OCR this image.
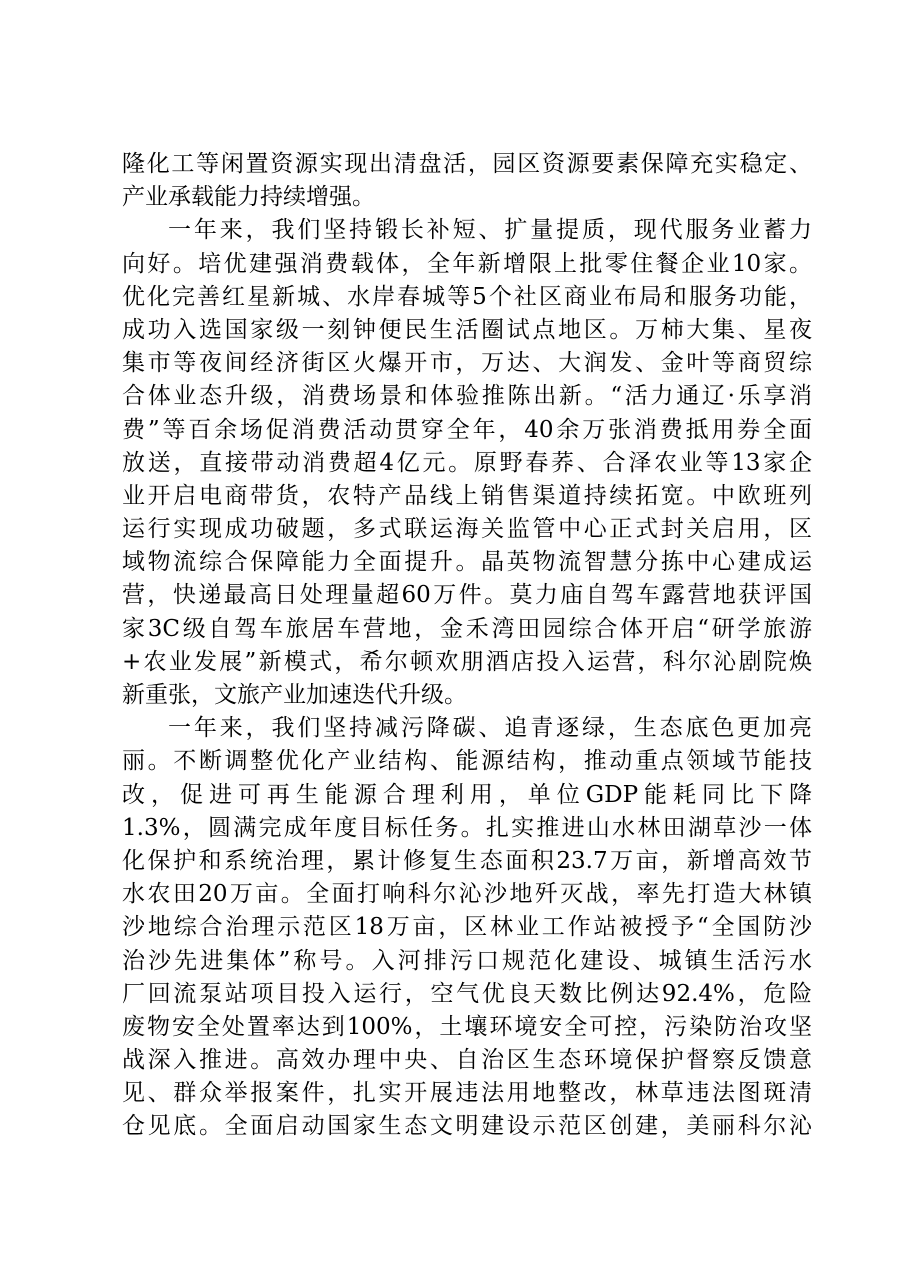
隆化工等闲置资源实现出清盘活，园区资源要素保障充实稳定、
产业承载能力持续增强。
一年来，我们坚持锻长补短、扩量提质，现代服务业蓄力
向好。培优建强消费载体，全年新增限上批零住餐企业10家。
优化完善红星新城、水岸春城等5个社区商业布局和服务功能，
成功入选国家级一刻钟便民生活圈试点地区。万柿大集、星夜
集市等夜间经济街区火爆开市，万达、大润发、金叶等商贸综
合体业态升级，消费场景和体验推陈出新。“活力通辽·乐享消
费”等百余场促消费活动贯穿全年，40余万张消费抵用券全面
放送，直接带动消费超4亿元。原野春荞、合泽农业等13家企
业开启电商带货，农特产品线上销售渠道持续拓宽。中欧班列
运行实现成功破题，多式联运海关监管中心正式封关启用，区
域物流综合保障能力全面提升。晶英物流智慧分拣中心建成运
营，快递最高日处理量超60万件。莫力庙自驾车露营地获评国
家3C级自驾车旅居车营地，金禾湾田园综合体开启“研学旅游
+农业发展”新模式，希尔顿欢朋酒店投入运营，科尔沁剧院焕
新重张，文旅产业加速迭代升级。
一年来，我们坚持减污降碳、追青逐绿，生态底色更加亮
丽。不断调整优化产业结构、能源结构，推动重点领域节能技
改，促进可再生能源合理利用，单位GDP能耗同比下降
1.3%，圆满完成年度目标任务。扎实推进山水林田湖草沙一体
化保护和系统治理，累计修复生态面积23.7万亩，新增高效节
水农田20万亩。全面打响科尔沁沙地歼灭战，率先打造大林镇
沙地综合治理示范区18万亩，区林业工作站被授予“全国防沙
治沙先进集体”称号。入河排污口规范化建设、城镇生活污水
厂回流泵站项目投入运行，空气优良天数比例达92.4%，危险
废物安全处置率达到100%，土壤环境安全可控，污染防治攻坚
战深入推进。高效办理中央、自治区生态环境保护督察反馈意
见、群众举报案件，扎实开展违法用地整改，林草违法图斑清
仓见底。全面启动国家生态文明建设示范区创建，美丽科尔沁
